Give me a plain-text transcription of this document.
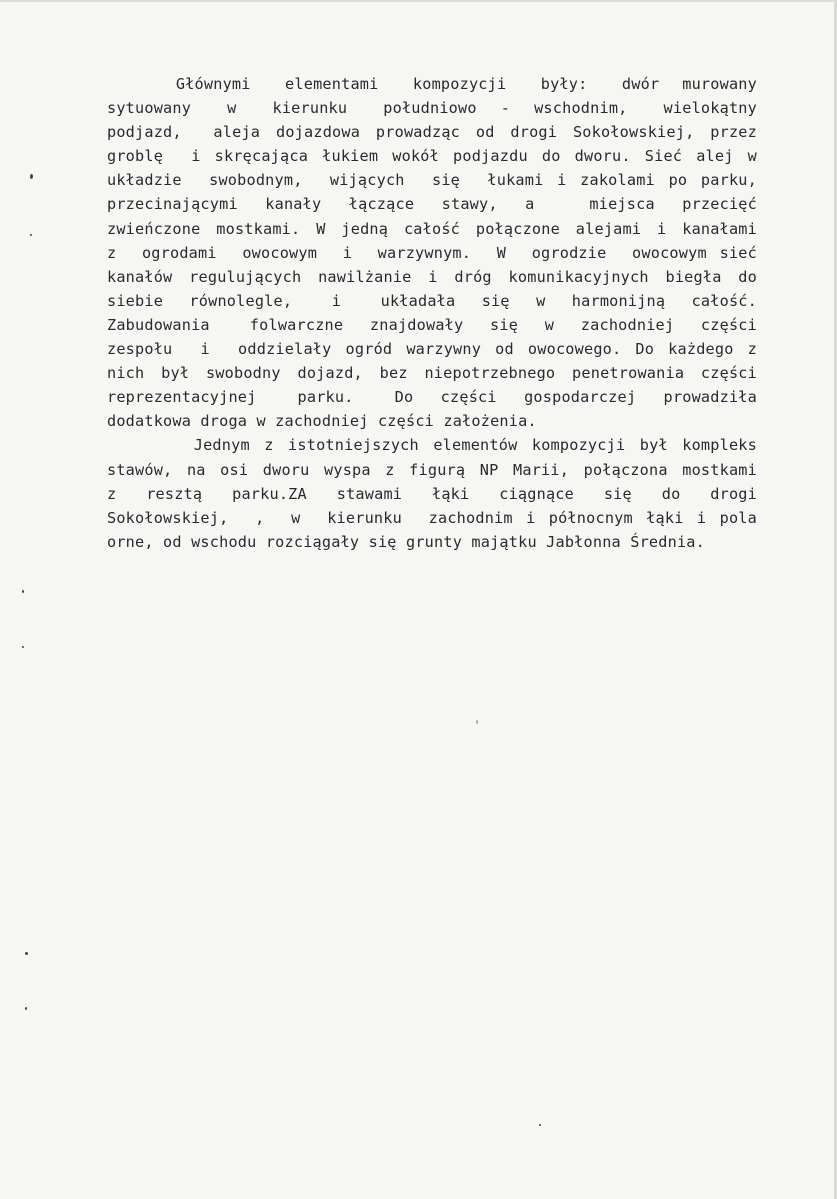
Głównymi   elementami   kompozycji   były:   dwór  murowany
sytuowany   w   kierunku   południowo  -  wschodnim,   wielokątny
podjazd,  aleja dojazdowa prowadząc od drogi Sokołowskiej, przez
groblę  i skręcająca łukiem wokół podjazdu do dworu. Sieć alej w
układzie  swobodnym,  wijących  się  łukami i zakolami po parku,
przecinającymi kanały łączące stawy, a  miejsca przecięć
zwieńczone mostkami. W jedną całość połączone alejami i kanałami
z  ogrodami  owocowym  i  warzywnym.  W  ogrodzie  owocowym sieć
kanałów regulujących nawilżanie i dróg komunikacyjnych biegła do
siebie  równolegle,   i   układała  się  w  harmonijną  całość.
Zabudowania   folwarczne  znajdowały  się  w  zachodniej  części
zespołu  i  oddzielały ogród warzywny od owocowego. Do każdego z
nich był swobodny dojazd, bez niepotrzebnego penetrowania części
reprezentacyjnej   parku.   Do  części  gospodarczej  prowadziła
dodatkowa droga w zachodniej części założenia.
Jednym z istotniejszych elementów kompozycji był kompleks
stawów, na osi dworu wyspa z figurą NP Marii, połączona mostkami
z  resztą  parku.ZA  stawami  łąki  ciągnące  się  do  drogi
Sokołowskiej,  ,  w  kierunku  zachodnim i północnym łąki i pola
orne, od wschodu rozciągały się grunty majątku Jabłonna Średnia.
